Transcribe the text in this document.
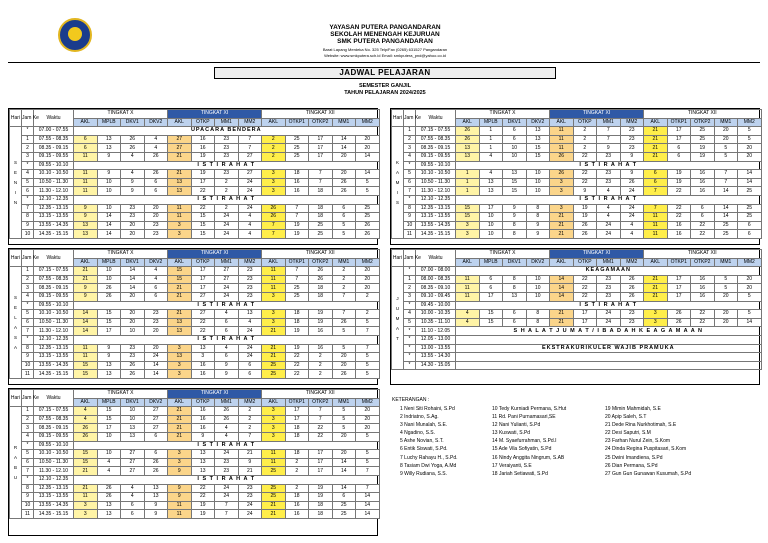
YAYASAN PUTERA PANGANDARAN
SEKOLAH MENENGAH KEJURUAN
SMK PUTERA PANGANDARAN
Barat Lapang Merdeka No. 325 Telp/Fax (0265) 631527 Pangandaran
Website: www.smkputera.sch.id Email: smkputera_pnd@yahoo.co.id
JADWAL PELAJARAN
SEMESTER GANJIL
TAHUN PELAJARAN 2024/2025
Hari	Jam Ke	Waktu	TINGKAT X				TINGKAT XI				TINGKAT XII				
			AKL	MPLB	DKV1	DKV2	AKL	OTKP	MM1	MM2	AKL	OTKP1	OTKP2	MM1	MM2
S E N I N	*	07.00 - 07.55	UPACARA BENDERA												
	1	07.55 - 08.35	6	13	26	4	27	16	23	7	2	25	17	14	20
	2	08.35 - 09.15	6	13	26	4	27	16	23	7	2	25	17	14	20
	3	09.15 - 09.55	11	9	4	26	21	19	23	27	2	25	17	20	14
	*	09.55 - 10.10	I S T I R A H A T												
	4	10.10 - 10.50	11	9	4	26	21	19	23	27	3	18	7	20	14
	5	10.50 - 11.30	11	10	9	6	13	17	2	24	3	16	7	26	5
	6	11.30 - 12.10	11	10	9	6	13	22	2	24	3	16	18	26	5
	*	12.10 - 12.35	I S T I R A H A T												
	7	12.35 - 13.15	9	10	23	20	11	22	2	24	26	7	18	6	25
	8	13.15 - 13.55	9	14	23	20	11	15	24	4	26	7	18	6	25
	9	13.55 - 14.35	13	14	20	23	3	15	24	4	7	19	25	5	26
	10	14.35 - 15.15	13	14	20	23	3	15	24	4	7	19	25	5	26
Hari	Jam Ke	Waktu	TINGKAT X				TINGKAT XI				TINGKAT XII				
			AKL	MPLB	DKV1	DKV2	AKL	OTKP	MM1	MM2	AKL	OTKP1	OTKP2	MM1	MM2
S E L A S A	1	07.15 - 07.55	21	10	14	4	15	17	27	23	11	7	26	2	20
	2	07.55 - 08.35	21	10	14	4	15	17	27	23	11	7	26	2	20
	3	08.35 - 09.15	9	26	14	6	21	17	24	23	11	25	18	2	20
	4	09.15 - 09.55	9	26	20	6	21	27	24	23	3	25	18	7	2
	*	09.55 - 10.10	I S T I R A H A T												
	5	10.10 - 10.50	14	15	20	23	21	27	4	13	3	18	19	7	2
	6	10.50 - 11.30	14	15	20	23	13	22	6	4	3	18	19	26	5
	7	11.30 - 12.10	14	17	10	20	13	22	6	24	21	19	16	5	7
	*	12.10 - 12.35	I S T I R A H A T												
	8	12.35 - 13.15	11	9	23	20	3	13	4	24	21	19	16	5	7
	9	13.15 - 13.55	11	9	23	24	13	3	6	24	21	22	2	20	5
	10	13.55 - 14.35	15	13	26	14	3	16	9	6	25	22	2	20	5
	11	14.35 - 15.15	15	13	26	14	3	16	9	6	25	22	2	26	5
Hari	Jam Ke	Waktu	TINGKAT X				TINGKAT XI				TINGKAT XII				
			AKL	MPLB	DKV1	DKV2	AKL	OTKP	MM1	MM2	AKL	OTKP1	OTKP2	MM1	MM2
R A B U	1	07.15 - 07.55	4	15	10	27	21	16	26	2	3	17	7	5	20
	2	07.55 - 08.35	4	15	10	27	21	16	26	2	3	17	7	5	20
	3	08.35 - 09.15	26	17	13	27	21	16	4	2	3	18	22	5	20
	4	09.15 - 09.55	26	10	13	6	21	9	4	7	3	18	22	20	5
	*	09.55 - 10.10	I S T I R A H A T												
	5	10.10 - 10.50	15	10	27	6	3	13	24	21	11	18	17	20	5
	6	10.50 - 11.30	15	4	27	26	3	13	23	9	11	2	17	14	5
	7	11.30 - 12.10	21	4	27	26	9	13	23	21	25	2	17	14	7
	*	12.10 - 12.35	I S T I R A H A T												
	8	12.35 - 13.15	21	26	4	13	9	22	24	23	25	2	19	14	7
	9	13.15 - 13.55	11	26	4	13	9	22	24	23	25	18	19	6	14
	10	13.55 - 14.35	3	13	6	9	11	19	7	24	21	16	18	25	14
	11	14.35 - 15.15	3	13	6	9	11	19	7	24	21	16	18	25	14
Hari	Jam Ke	Waktu	TINGKAT X				TINGKAT XI				TINGKAT XII				
			AKL	MPLB	DKV1	DKV2	AKL	OTKP	MM1	MM2	AKL	OTKP1	OTKP2	MM1	MM2
K A M I S	1	07.15 - 07.55	26	1	6	13	11	2	7	23	21	17	25	20	5
	2	07.55 - 08.35	26	1	6	13	11	2	7	23	21	17	25	20	5
	3	08.35 - 09.15	13	1	10	15	11	2	9	23	21	6	19	5	20
	4	09.15 - 09.55	13	4	10	15	26	22	23	9	21	6	19	5	20
	*	09.55 - 10.10	I S T I R A H A T												
	5	10.10 - 10.50	1	4	13	10	26	22	23	9	6	19	16	7	14
	6	10.50 - 11.30	1	13	15	10	3	22	23	26	6	19	16	7	14
	7	11.30 - 12.10	1	13	15	10	3	9	4	24	7	22	16	14	25
	*	12.10 - 12.35	I S T I R A H A T												
	8	12.35 - 13.15	15	17	9	8	3	19	4	24	7	22	6	14	25
	9	13.15 - 13.55	15	10	9	8	21	19	4	24	11	22	6	14	25
	10	13.55 - 14.35	3	10	8	9	21	26	24	4	11	16	22	25	6
	11	14.35 - 15.15	3	10	8	9	21	26	24	4	11	16	22	25	6
Hari	Jam Ke	Waktu	TINGKAT X				TINGKAT XI				TINGKAT XII				
			AKL	MPLB	DKV1	DKV2	AKL	OTKP	MM1	MM2	AKL	OTKP1	OTKP2	MM1	MM2
J U M A T	*	07.00 - 08.00	KEAGAMAAN												
	1	08.00 - 08.35	11	6	8	10	14	22	23	26	21	17	16	5	20
	2	08.35 - 09.10	11	6	8	10	14	22	23	26	21	17	16	5	20
	3	09.10 - 09.45	11	17	13	10	14	22	23	26	21	17	16	20	5
	*	09.45 - 10.00	I S T I R A H A T												
	4	10.00 - 10.35	4	15	6	8	21	17	24	23	3	26	22	20	5
	5	10.35 - 11.10	4	15	6	8	21	17	24	23	3	26	22	20	14
	*	11.10 - 12.05	S H A L A T J U M A T / I B A D A H K E A G A M A A N												
	*	12.05 - 13.00													
	*	13.00 - 13.55	EKSTRAKURIKULER WAJIB PRAMUKA												
	*	13.55 - 14.30													
	*	14.30 - 15.05													
KETERANGAN :
1 Neni Siti Rohaini, S.Pd
2 Indriatno, S.Ag.
3 Nani Munalah, S.E.
4 Ngadino, S.S.
5 Ashe Novian, S.T.
6 Entik Siswati, S.Pd.
7 Luchy Rahayu H., S.Pd.
8 Tasiam Dwi Yoga, A.Md
9 Willy Rudiana, S.S.
10 Tedy Kurniadi Permana, S.Hut
11 Rd. Pani Purnamasari,SE
12 Nani Yulianti, S.Pd
13 Kuswati, S.Pd
14 M. Syaefurrahman, S.Pd.I
15 Ade Vila Sofiyatin, S.Pd
16 Nindy Anggita Ningrum, S.AB
17 Veraiyanti, S.E
18 Jariah Setiawati, S.Pd
19 Mimin Mahmidah, S.E
20 Apip Saleh, S.T
21 Dede Rina Nurkhotimah, S.E
22 Desi Saputri, S.M
23 Farhan Nurul Zein, S.Kom
24 Dinda Regina Puspitasari, S.Kom
25 Dwini Imandiena, S.Pd
26 Dian Permana, S.Pd
27 Gun Gun Gunawan Kusumah, S.Pd
